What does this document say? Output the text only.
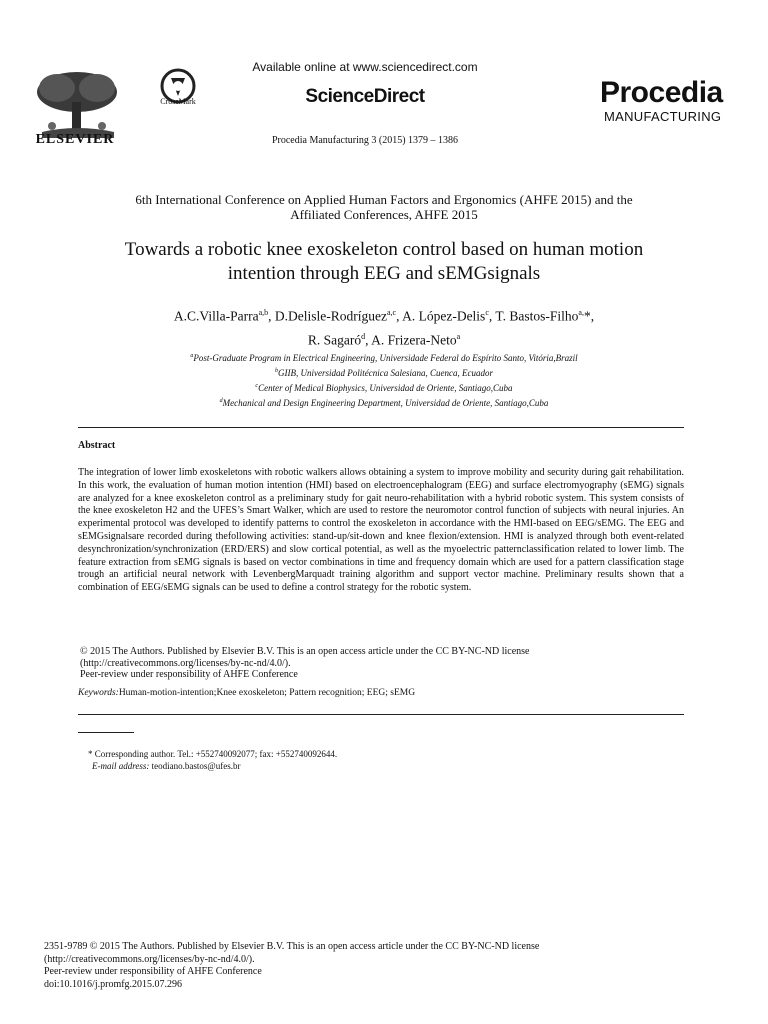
ELSEVIER
CrossMark
Available online at www.sciencedirect.com
ScienceDirect
Procedia Manufacturing 3 (2015) 1379 – 1386
Procedia
MANUFACTURING
6th International Conference on Applied Human Factors and Ergonomics (AHFE 2015) and the
Affiliated Conferences, AHFE 2015
Towards a robotic knee exoskeleton control based on human motion
intention through EEG and sEMGsignals
A.C.Villa-Parra$^{a,b}$, D.Delisle-Rodríguez$^{a,c}$, A. López-Delis$^c$, T. Bastos-Filho$^{a,}$*,
R. Sagaró$^d$, A. Frizera-Neto$^a$
$^a$Post-Graduate Program in Electrical Engineering, Universidade Federal do Espírito Santo, Vitória,Brazil
$^b$GIIB, Universidad Politécnica Salesiana, Cuenca, Ecuador
$^c$Center of Medical Biophysics, Universidad de Oriente, Santiago,Cuba
$^d$Mechanical and Design Engineering Department, Universidad de Oriente, Santiago,Cuba
Abstract
The integration of lower limb exoskeletons with robotic walkers allows obtaining a system to improve mobility and security during gait rehabilitation. In this work, the evaluation of human motion intention (HMI) based on electroencephalogram (EEG) and surface electromyography (sEMG) signals are analyzed for a knee exoskeleton control as a preliminary study for gait neuro-rehabilitation with a hybrid robotic system. This system consists of the knee exoskeleton H2 and the UFES’s Smart Walker, which are used to restore the neuromotor control function of subjects with neural injuries. An experimental protocol was developed to identify patterns to control the exoskeleton in accordance with the HMI-based on EEG/sEMG. The EEG and sEMGsignalsare recorded during thefollowing activities: stand-up/sit-down and knee flexion/extension. HMI is analyzed through both event-related desynchronization/synchronization (ERD/ERS) and slow cortical potential, as well as the myoelectric patternclassification related to lower limb. The feature extraction from sEMG signals is based on vector combinations in time and frequency domain which are used for a pattern classification stage trough an artificial neural network with LevenbergMarquadt training algorithm and support vector machine. Preliminary results shown that a combination of EEG/sEMG signals can be used to define a control strategy for the robotic system.
© 2015 The Authors. Published by Elsevier B.V. This is an open access article under the CC BY-NC-ND license
(http://creativecommons.org/licenses/by-nc-nd/4.0/).
Peer-review under responsibility of AHFE Conference
Keywords:Human-motion-intention;Knee exoskeleton; Pattern recognition; EEG; sEMG
* Corresponding author. Tel.: +552740092077; fax: +552740092644.
E-mail address: teodiano.bastos@ufes.br
2351-9789 © 2015 The Authors. Published by Elsevier B.V. This is an open access article under the CC BY-NC-ND license
(http://creativecommons.org/licenses/by-nc-nd/4.0/).
Peer-review under responsibility of AHFE Conference
doi:10.1016/j.promfg.2015.07.296
